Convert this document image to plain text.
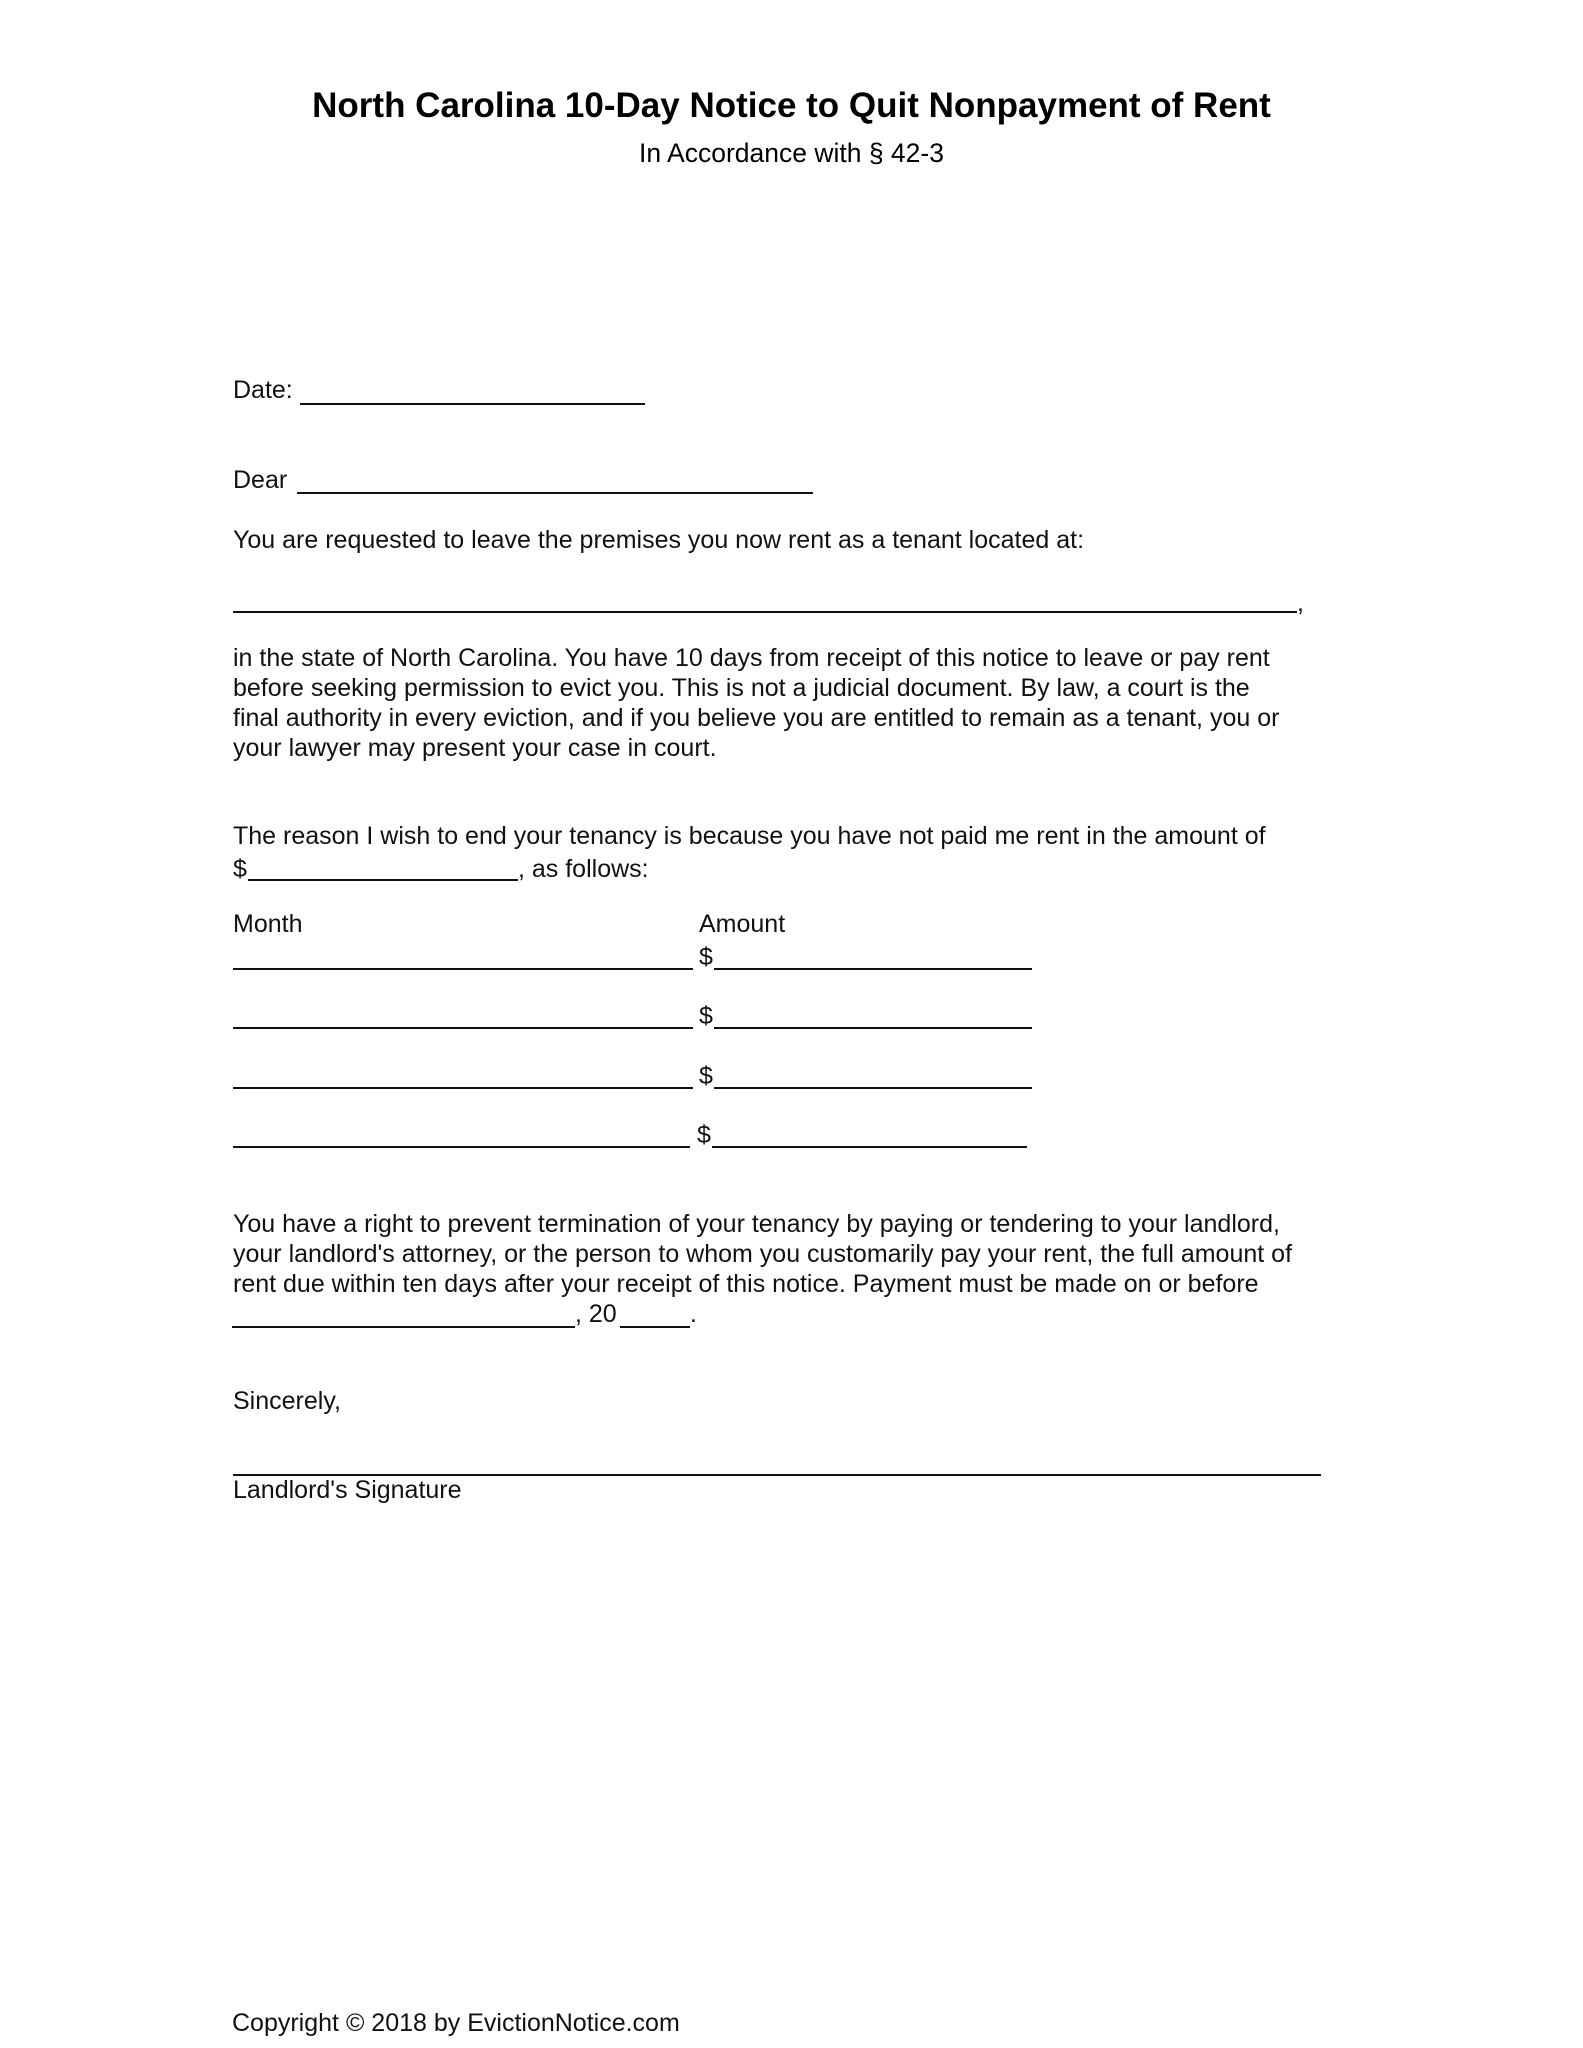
North Carolina 10-Day Notice to Quit Nonpayment of Rent
In Accordance with § 42-3
Date:
Dear
You are requested to leave the premises you now rent as a tenant located at:
,
in the state of North Carolina. You have 10 days from receipt of this notice to leave or pay rent
before seeking permission to evict you. This is not a judicial document. By law, a court is the
final authority in every eviction, and if you believe you are entitled to remain as a tenant, you or
your lawyer may present your case in court.
The reason I wish to end your tenancy is because you have not paid me rent in the amount of
$	, as follows:
Month	Amount
$
$
$
$
You have a right to prevent termination of your tenancy by paying or tendering to your landlord,
your landlord's attorney, or the person to whom you customarily pay your rent, the full amount of
rent due within ten days after your receipt of this notice. Payment must be made on or before
, 20	.
Sincerely,
Landlord's Signature
Copyright © 2018 by EvictionNotice.com
